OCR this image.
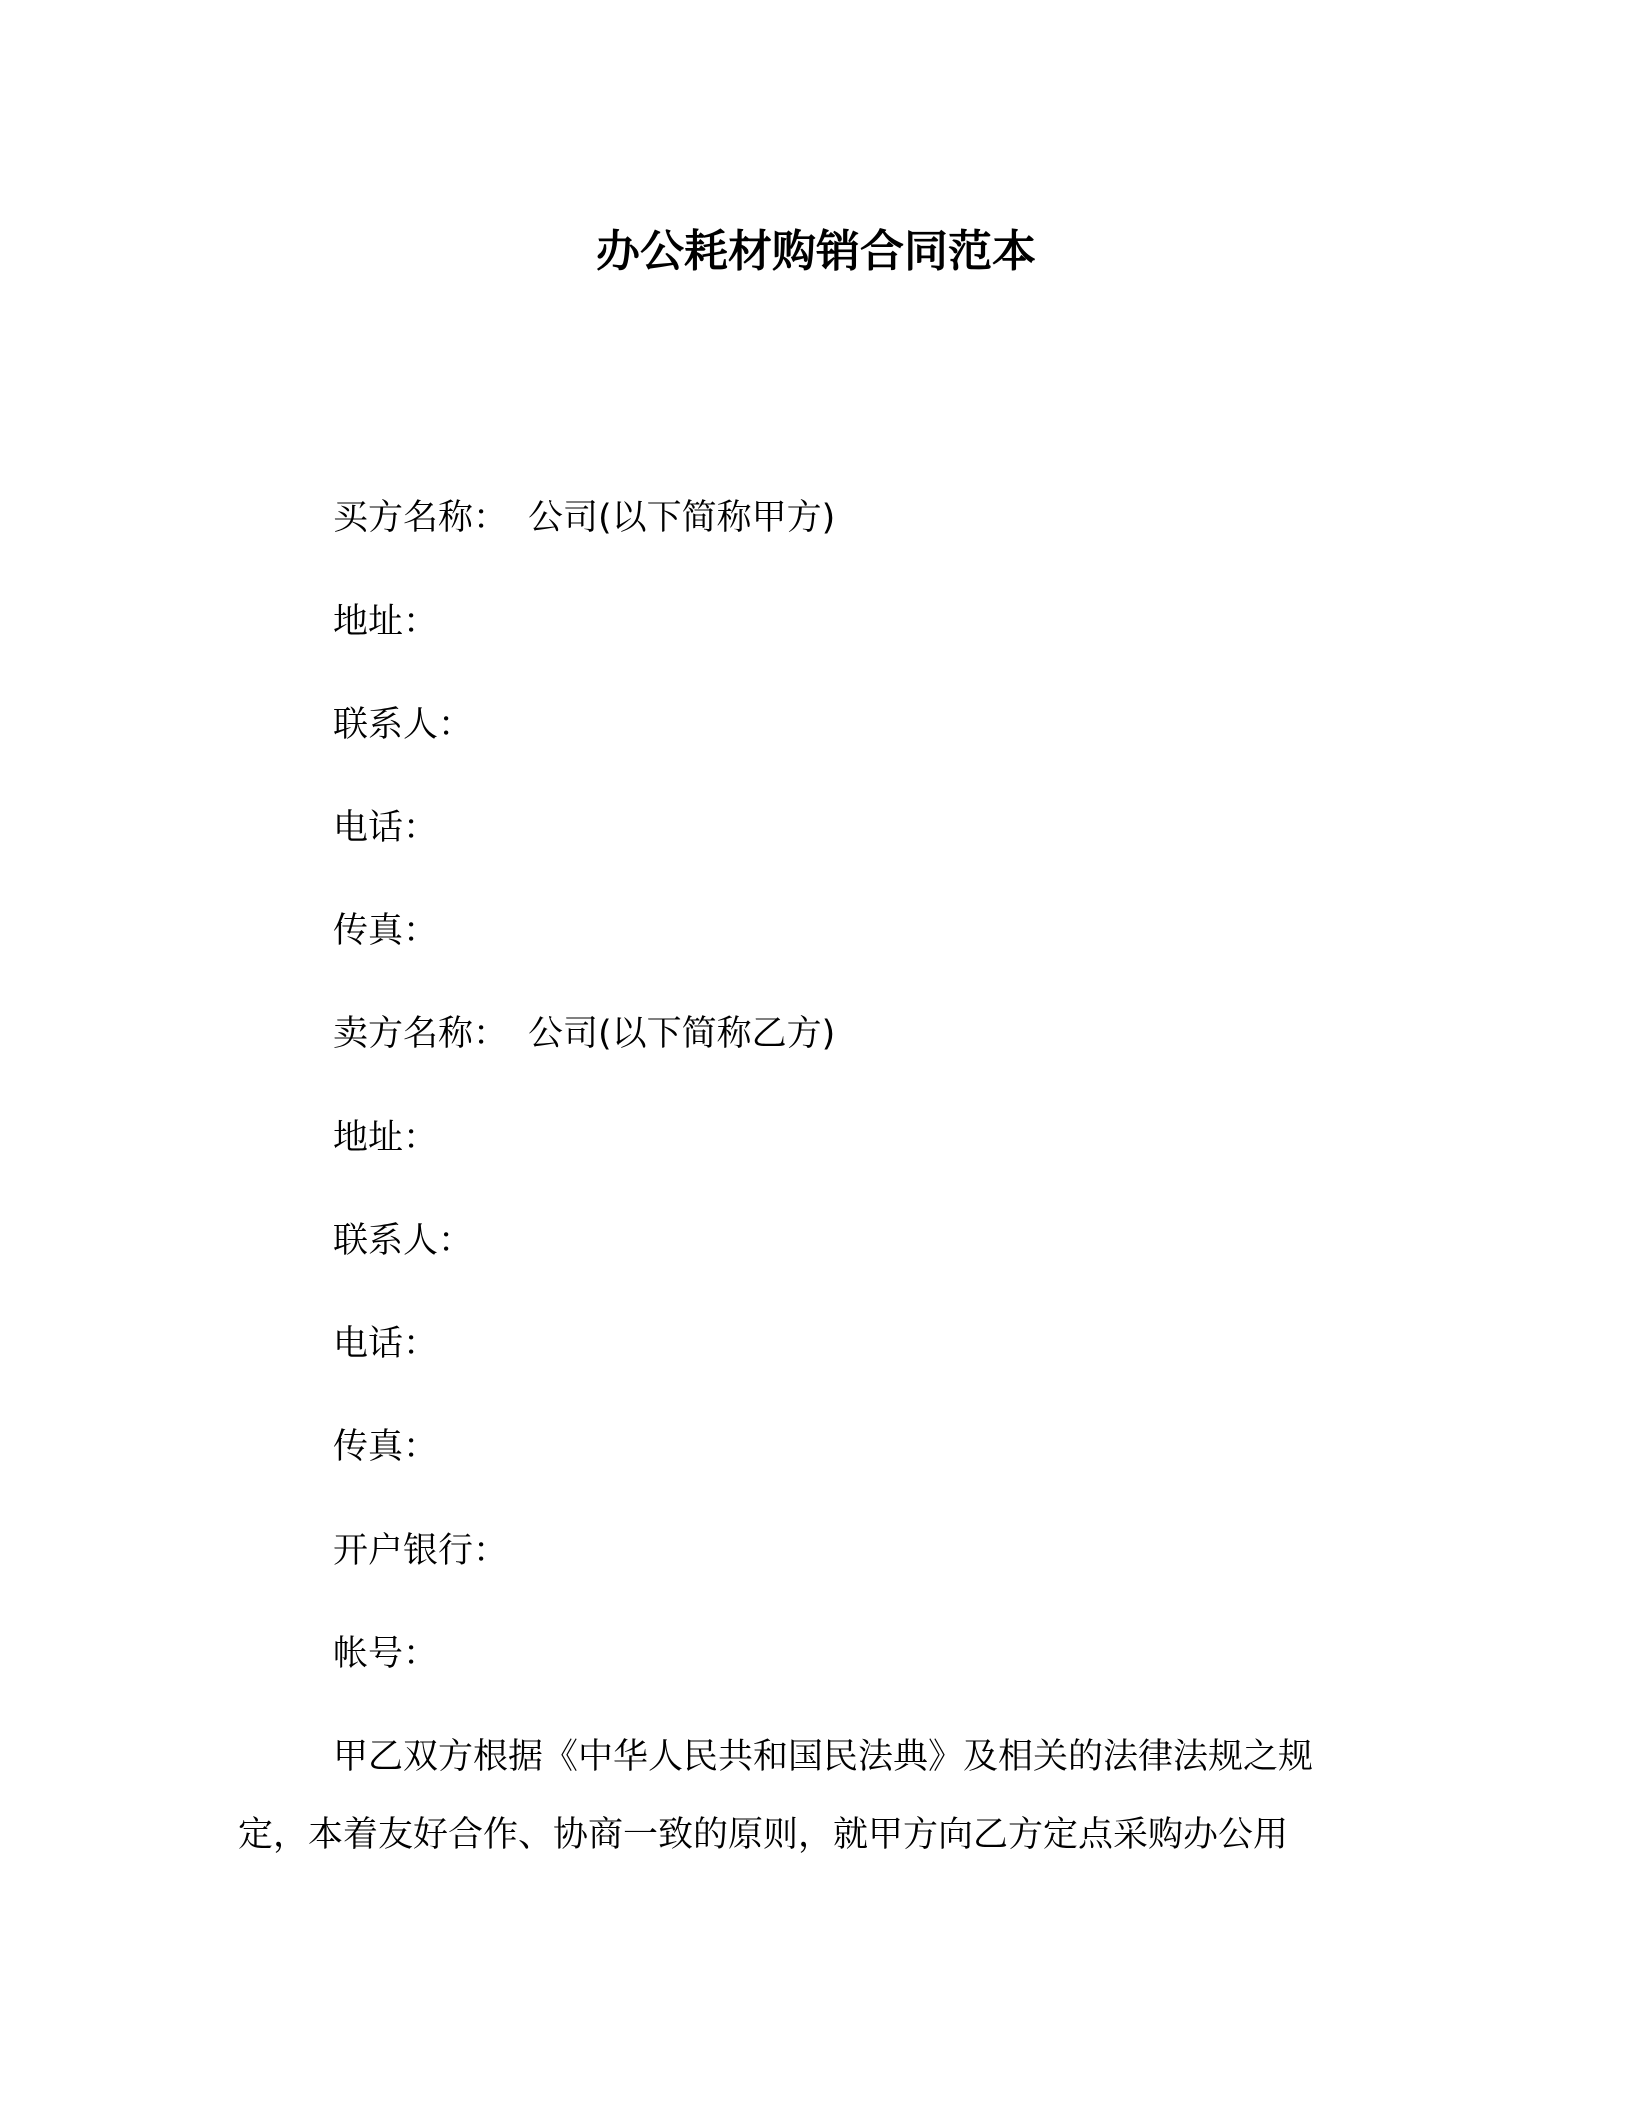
办公耗材购销合同范本

买方名称： 公司(以下简称甲方)

地址：

联系人：

电话：

传真：

卖方名称： 公司(以下简称乙方)

地址：

联系人：

电话：

传真：

开户银行：

帐号：

甲乙双方根据《中华人民共和国民法典》及相关的法律法规之规

定，本着友好合作、协商一致的原则，就甲方向乙方定点采购办公用
